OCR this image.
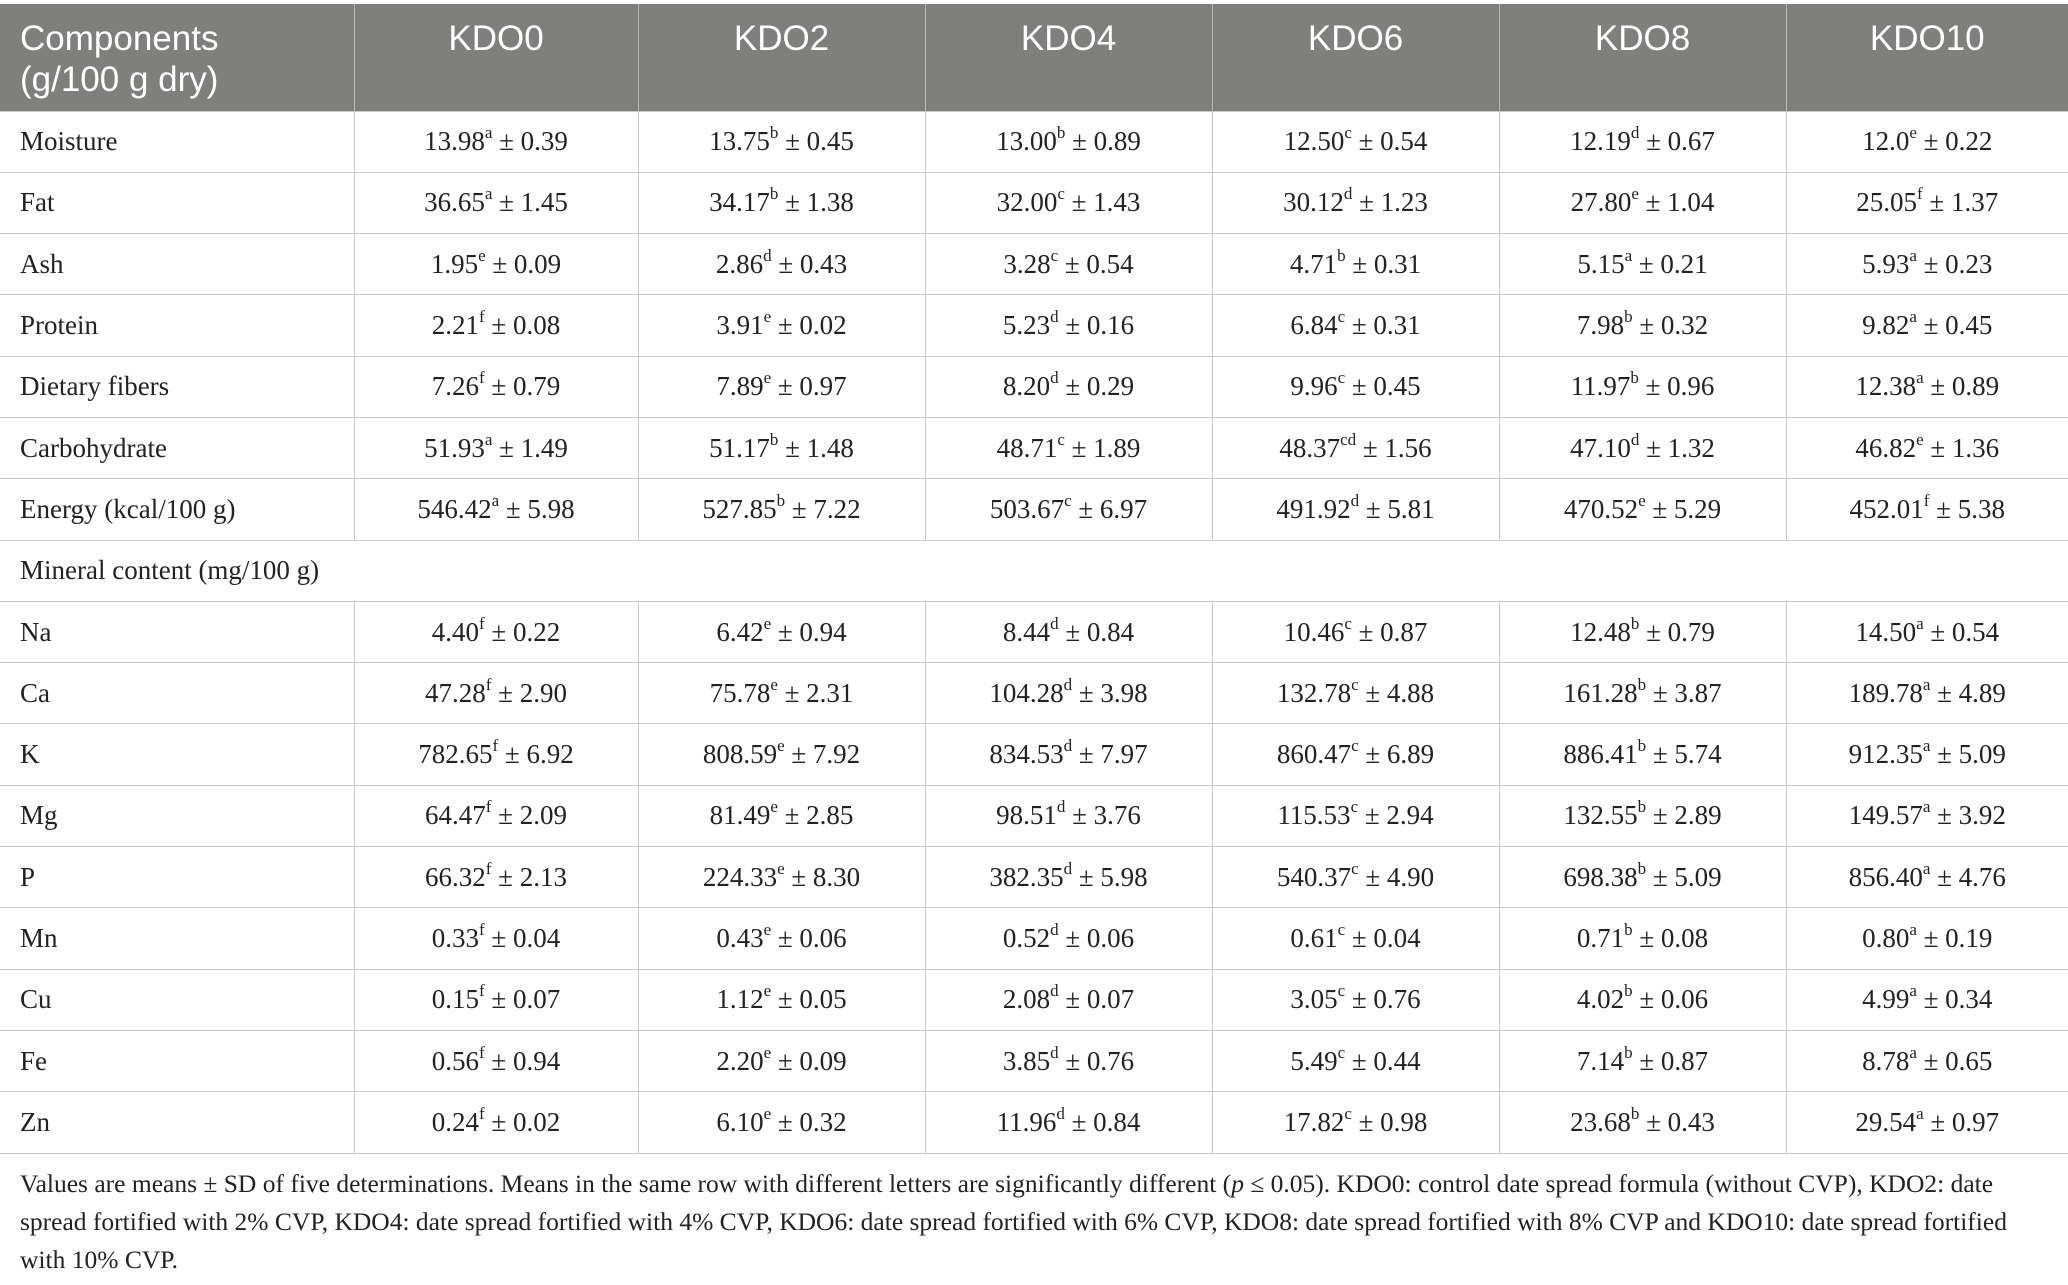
Components
(g/100 g dry)	KDO0	KDO2	KDO4	KDO6	KDO8	KDO10
Moisture	13.98$^a$ ± 0.39	13.75$^b$ ± 0.45	13.00$^b$ ± 0.89	12.50$^c$ ± 0.54	12.19$^d$ ± 0.67	12.0$^e$ ± 0.22
Fat	36.65$^a$ ± 1.45	34.17$^b$ ± 1.38	32.00$^c$ ± 1.43	30.12$^d$ ± 1.23	27.80$^e$ ± 1.04	25.05$^f$ ± 1.37
Ash	1.95$^e$ ± 0.09	2.86$^d$ ± 0.43	3.28$^c$ ± 0.54	4.71$^b$ ± 0.31	5.15$^a$ ± 0.21	5.93$^a$ ± 0.23
Protein	2.21$^f$ ± 0.08	3.91$^e$ ± 0.02	5.23$^d$ ± 0.16	6.84$^c$ ± 0.31	7.98$^b$ ± 0.32	9.82$^a$ ± 0.45
Dietary fibers	7.26$^f$ ± 0.79	7.89$^e$ ± 0.97	8.20$^d$ ± 0.29	9.96$^c$ ± 0.45	11.97$^b$ ± 0.96	12.38$^a$ ± 0.89
Carbohydrate	51.93$^a$ ± 1.49	51.17$^b$ ± 1.48	48.71$^c$ ± 1.89	48.37$^{cd}$ ± 1.56	47.10$^d$ ± 1.32	46.82$^e$ ± 1.36
Energy (kcal/100 g)	546.42$^a$ ± 5.98	527.85$^b$ ± 7.22	503.67$^c$ ± 6.97	491.92$^d$ ± 5.81	470.52$^e$ ± 5.29	452.01$^f$ ± 5.38
Mineral content (mg/100 g)						
Na	4.40$^f$ ± 0.22	6.42$^e$ ± 0.94	8.44$^d$ ± 0.84	10.46$^c$ ± 0.87	12.48$^b$ ± 0.79	14.50$^a$ ± 0.54
Ca	47.28$^f$ ± 2.90	75.78$^e$ ± 2.31	104.28$^d$ ± 3.98	132.78$^c$ ± 4.88	161.28$^b$ ± 3.87	189.78$^a$ ± 4.89
K	782.65$^f$ ± 6.92	808.59$^e$ ± 7.92	834.53$^d$ ± 7.97	860.47$^c$ ± 6.89	886.41$^b$ ± 5.74	912.35$^a$ ± 5.09
Mg	64.47$^f$ ± 2.09	81.49$^e$ ± 2.85	98.51$^d$ ± 3.76	115.53$^c$ ± 2.94	132.55$^b$ ± 2.89	149.57$^a$ ± 3.92
P	66.32$^f$ ± 2.13	224.33$^e$ ± 8.30	382.35$^d$ ± 5.98	540.37$^c$ ± 4.90	698.38$^b$ ± 5.09	856.40$^a$ ± 4.76
Mn	0.33$^f$ ± 0.04	0.43$^e$ ± 0.06	0.52$^d$ ± 0.06	0.61$^c$ ± 0.04	0.71$^b$ ± 0.08	0.80$^a$ ± 0.19
Cu	0.15$^f$ ± 0.07	1.12$^e$ ± 0.05	2.08$^d$ ± 0.07	3.05$^c$ ± 0.76	4.02$^b$ ± 0.06	4.99$^a$ ± 0.34
Fe	0.56$^f$ ± 0.94	2.20$^e$ ± 0.09	3.85$^d$ ± 0.76	5.49$^c$ ± 0.44	7.14$^b$ ± 0.87	8.78$^a$ ± 0.65
Zn	0.24$^f$ ± 0.02	6.10$^e$ ± 0.32	11.96$^d$ ± 0.84	17.82$^c$ ± 0.98	23.68$^b$ ± 0.43	29.54$^a$ ± 0.97
Values are means ± SD of five determinations. Means in the same row with different letters are significantly different (p ≤ 0.05). KDO0: control date spread formula (without CVP), KDO2: date spread fortified with 2% CVP, KDO4: date spread fortified with 4% CVP, KDO6: date spread fortified with 6% CVP, KDO8: date spread fortified with 8% CVP and KDO10: date spread fortified with 10% CVP.
